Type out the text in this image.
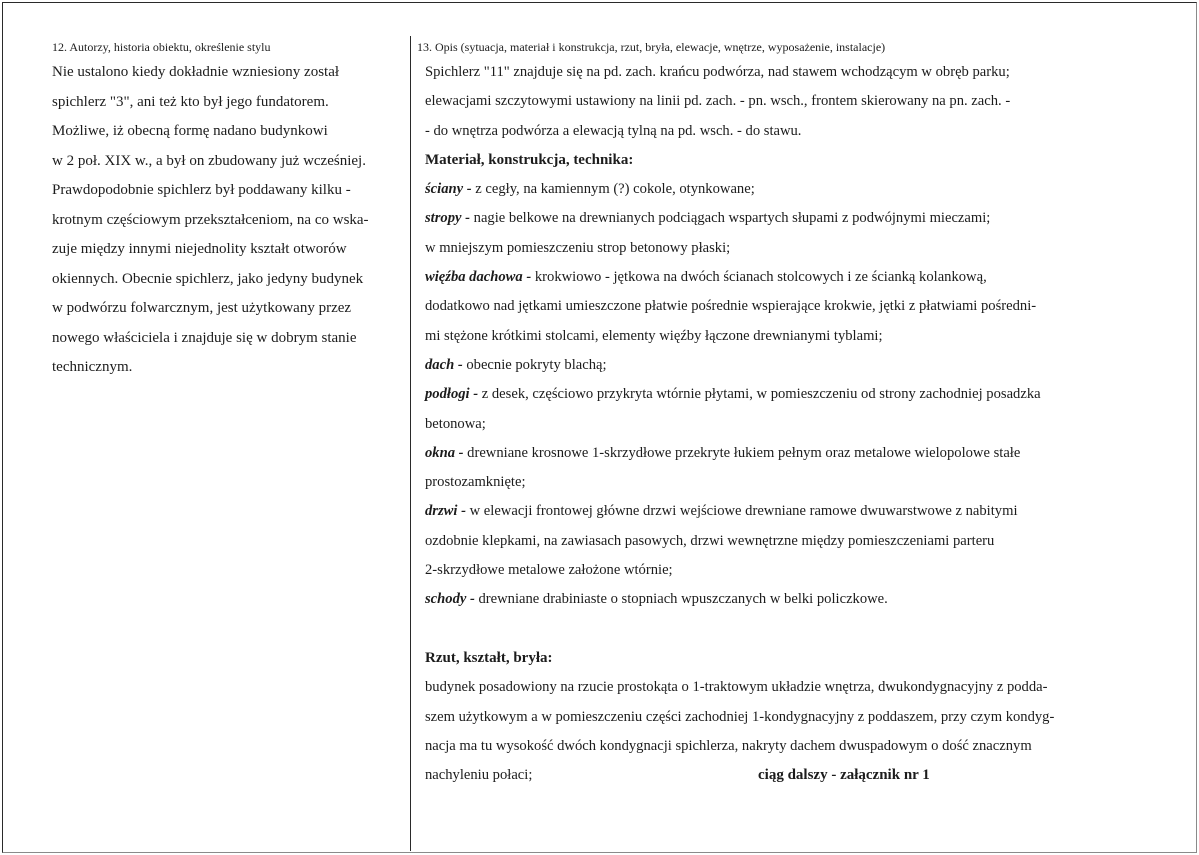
12. Autorzy, historia obiektu, określenie stylu
Nie ustalono kiedy dokładnie wzniesiony został
spichlerz "3", ani też kto był jego fundatorem.
Możliwe, iż obecną formę nadano budynkowi
w 2 poł. XIX w., a był on zbudowany już wcześniej.
Prawdopodobnie spichlerz był poddawany kilku -
krotnym częściowym przekształceniom, na co wska-
zuje między innymi niejednolity kształt otworów
okiennych. Obecnie spichlerz, jako jedyny budynek
w podwórzu folwarcznym, jest użytkowany przez
nowego właściciela i znajduje się w dobrym stanie
technicznym.
13. Opis (sytuacja, materiał i konstrukcja, rzut, bryła, elewacje, wnętrze, wyposażenie, instalacje)
Spichlerz "11" znajduje się na pd. zach. krańcu podwórza, nad stawem wchodzącym w obręb parku;
elewacjami szczytowymi ustawiony na linii pd. zach. - pn. wsch., frontem skierowany na pn. zach. -
- do wnętrza podwórza a elewacją tylną na pd. wsch. - do stawu.
Materiał, konstrukcja, technika:
ściany - z cegły, na kamiennym (?) cokole, otynkowane;
stropy - nagie belkowe na drewnianych podciągach wspartych słupami z podwójnymi mieczami;
w mniejszym pomieszczeniu strop betonowy płaski;
więźba dachowa - krokwiowo - jętkowa na dwóch ścianach stolcowych i ze ścianką kolankową,
dodatkowo nad jętkami umieszczone płatwie pośrednie wspierające krokwie, jętki z płatwiami pośredni-
mi stężone krótkimi stolcami, elementy więźby łączone drewnianymi tyblami;
dach - obecnie pokryty blachą;
podłogi - z desek, częściowo przykryta wtórnie płytami, w pomieszczeniu od strony zachodniej posadzka
betonowa;
okna - drewniane krosnowe 1-skrzydłowe przekryte łukiem pełnym oraz metalowe wielopolowe stałe
prostozamknięte;
drzwi - w elewacji frontowej główne drzwi wejściowe drewniane ramowe dwuwarstwowe z nabitymi
ozdobnie klepkami, na zawiasach pasowych, drzwi wewnętrzne między pomieszczeniami parteru
2-skrzydłowe metalowe założone wtórnie;
schody - drewniane drabiniaste o stopniach wpuszczanych w belki policzkowe.
Rzut, kształt, bryła:
budynek posadowiony na rzucie prostokąta o 1-traktowym układzie wnętrza, dwukondygnacyjny z podda-
szem użytkowym a w pomieszczeniu części zachodniej 1-kondygnacyjny z poddaszem, przy czym kondyg-
nacja ma tu wysokość dwóch kondygnacji spichlerza, nakryty dachem dwuspadowym o dość znacznym
nachyleniu połaci;	ciąg dalszy - załącznik nr 1
